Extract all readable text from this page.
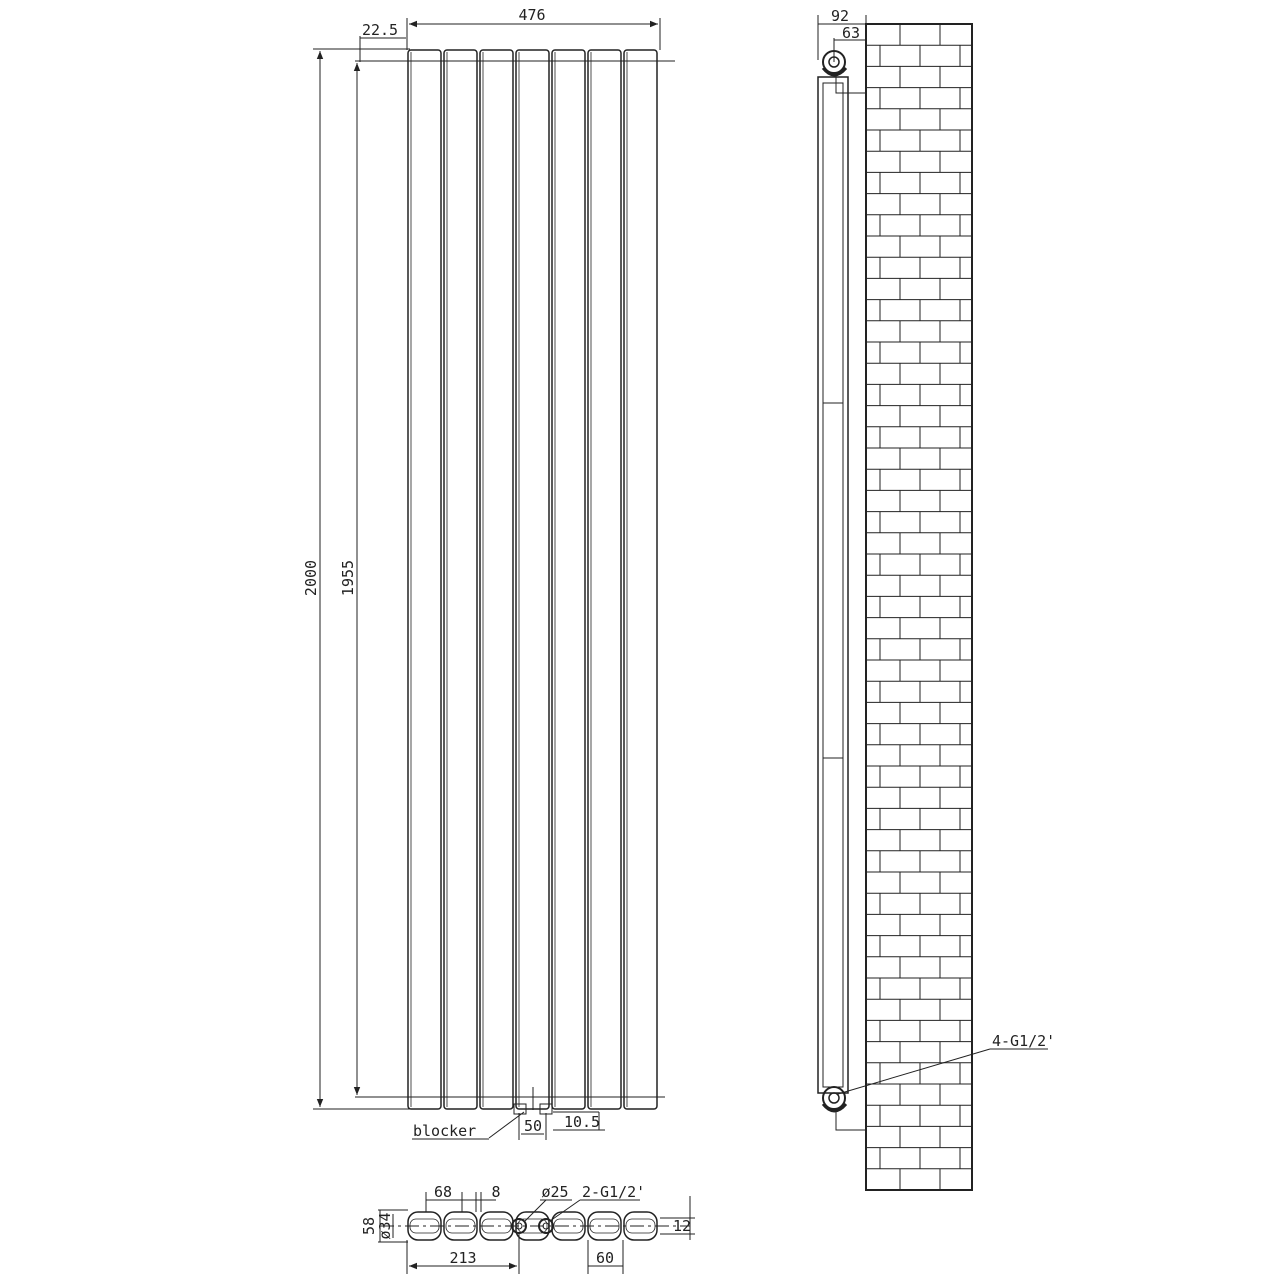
476
22.5
2000 1955
50 10.5
blocker
92
63
4-G1/2'
68	8	ø25 2-G1/2'
58
ø34	12
213	60
